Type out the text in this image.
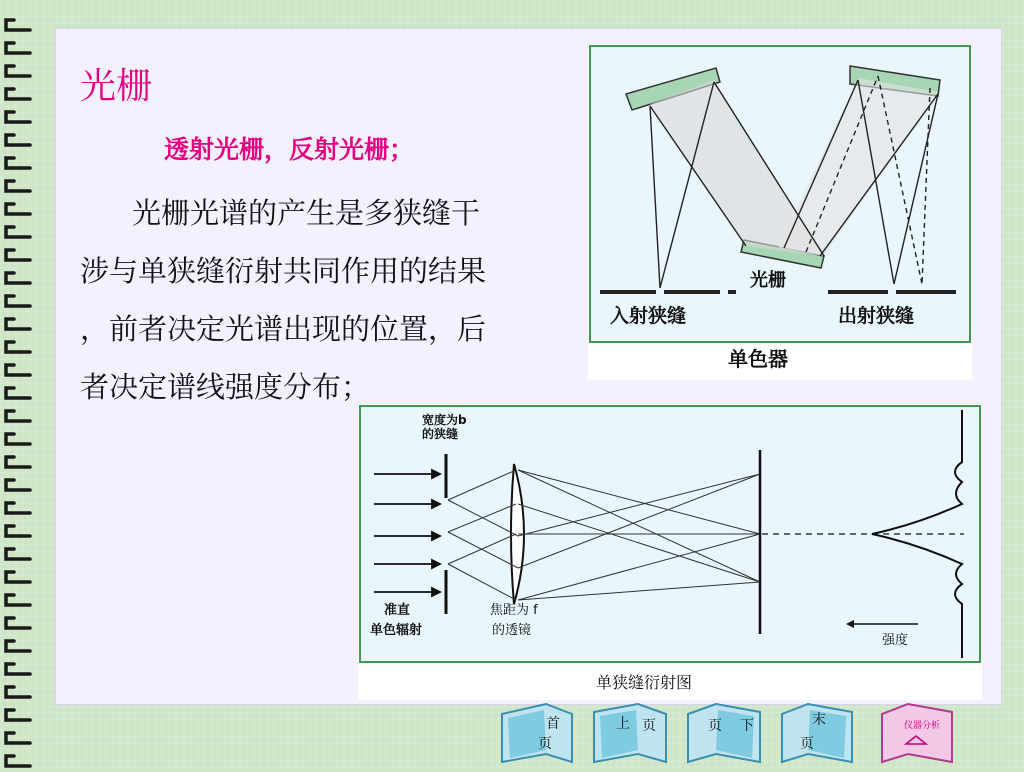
光栅
透射光栅，反射光栅；
光栅光谱的产生是多狭缝干
涉与单狭缝衍射共同作用的结果
，前者决定光谱出现的位置，后
者决定谱线强度分布；
光栅
入射狭缝	出射狭缝
单色器
宽度为b
的狭缝
准直
单色辐射
焦距为 f
的透镜
强度
单狭缝衍射图
首
页
上 页	页 下	末
页
仪器分析
